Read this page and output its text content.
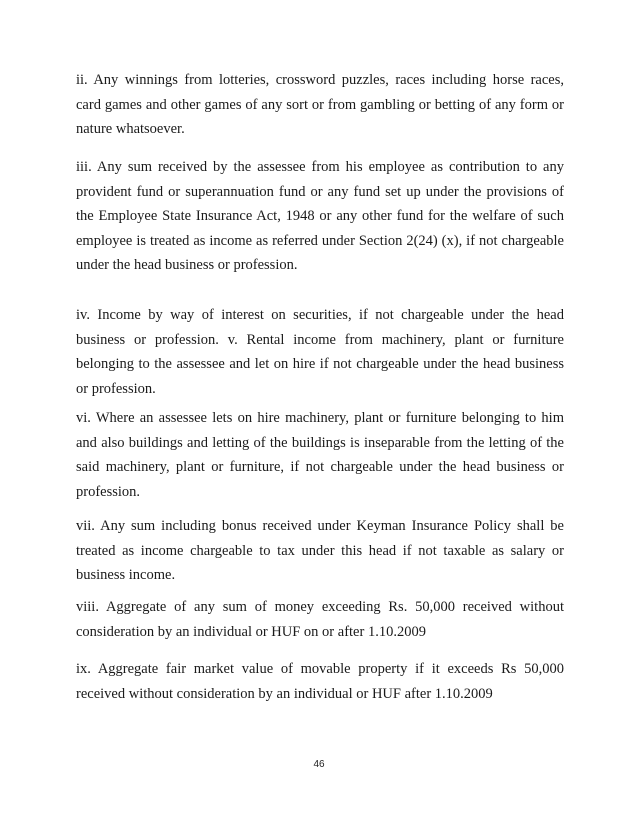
ii. Any winnings from lotteries, crossword puzzles, races including horse races, card games and other games of any sort or from gambling or betting of any form or nature whatsoever.

iii. Any sum received by the assessee from his employee as contribution to any provident fund or superannuation fund or any fund set up under the provisions of the Employee State Insurance Act, 1948 or any other fund for the welfare of such employee is treated as income as referred under Section 2(24) (x), if not chargeable under the head business or profession.

iv. Income by way of interest on securities, if not chargeable under the head business or profession. v. Rental income from machinery, plant or furniture belonging to the assessee and let on hire if not chargeable under the head business or profession.

vi. Where an assessee lets on hire machinery, plant or furniture belonging to him and also buildings and letting of the buildings is inseparable from the letting of the said machinery, plant or furniture, if not chargeable under the head business or profession.

vii. Any sum including bonus received under Keyman Insurance Policy shall be treated as income chargeable to tax under this head if not taxable as salary or business income.

viii. Aggregate of any sum of money exceeding Rs. 50,000 received without consideration by an individual or HUF on or after 1.10.2009

ix. Aggregate fair market value of movable property if it exceeds Rs 50,000 received without consideration by an individual or HUF after 1.10.2009

46
